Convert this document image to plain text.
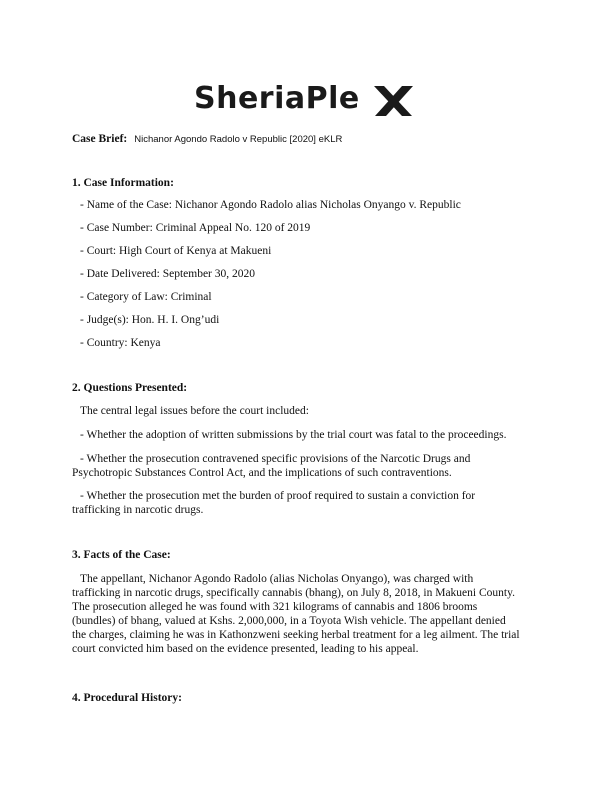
SheriaPle
Case Brief: Nichanor Agondo Radolo v Republic [2020] eKLR
1. Case Information:
- Name of the Case: Nichanor Agondo Radolo alias Nicholas Onyango v. Republic
- Case Number: Criminal Appeal No. 120 of 2019
- Court: High Court of Kenya at Makueni
- Date Delivered: September 30, 2020
- Category of Law: Criminal
- Judge(s): Hon. H. I. Ong’udi
- Country: Kenya
2. Questions Presented:
The central legal issues before the court included:
- Whether the adoption of written submissions by the trial court was fatal to the proceedings.
- Whether the prosecution contravened specific provisions of the Narcotic Drugs and
Psychotropic Substances Control Act, and the implications of such contraventions.
- Whether the prosecution met the burden of proof required to sustain a conviction for
trafficking in narcotic drugs.
3. Facts of the Case:
The appellant, Nichanor Agondo Radolo (alias Nicholas Onyango), was charged with
trafficking in narcotic drugs, specifically cannabis (bhang), on July 8, 2018, in Makueni County.
The prosecution alleged he was found with 321 kilograms of cannabis and 1806 brooms
(bundles) of bhang, valued at Kshs. 2,000,000, in a Toyota Wish vehicle. The appellant denied
the charges, claiming he was in Kathonzweni seeking herbal treatment for a leg ailment. The trial
court convicted him based on the evidence presented, leading to his appeal.
4. Procedural History:
